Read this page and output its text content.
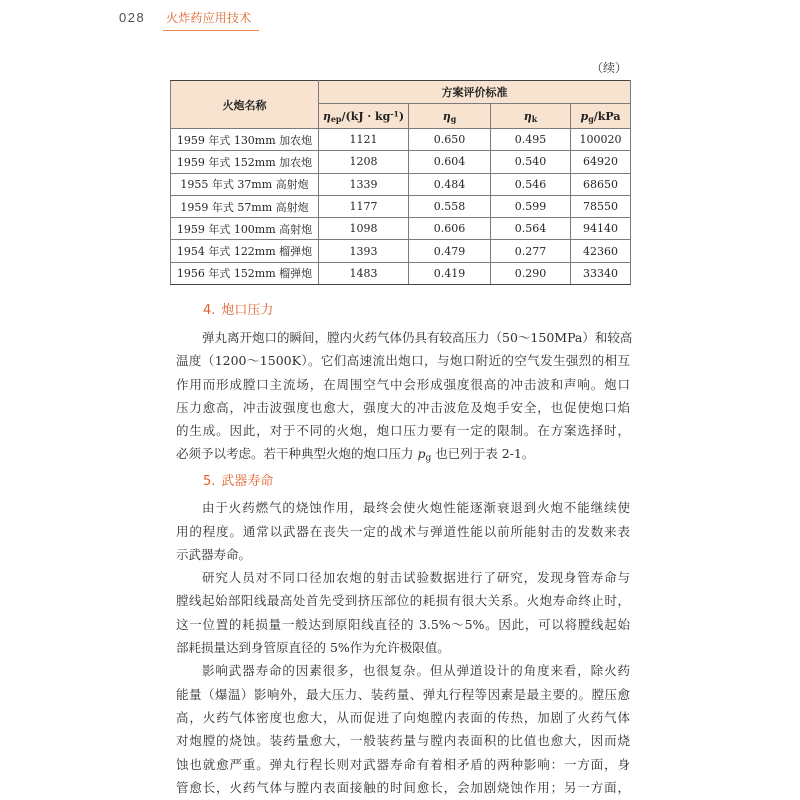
028 火炸药应用技术
（续）
火炮名称	方案评价标准			
	$\eta_{ep}/(kJ \cdot kg^{-1})$	$\eta_g$	$\eta_k$	$p_g$/kPa
1959 年式 130mm 加农炮	1121	0.650	0.495	100020
1959 年式 152mm 加农炮	1208	0.604	0.540	64920
1955 年式 37mm 高射炮	1339	0.484	0.546	68650
1959 年式 57mm 高射炮	1177	0.558	0.599	78550
1959 年式 100mm 高射炮	1098	0.606	0.564	94140
1954 年式 122mm 榴弹炮	1393	0.479	0.277	42360
1956 年式 152mm 榴弹炮	1483	0.419	0.290	33340
4. 炮口压力
弹丸离开炮口的瞬间，膛内火药气体仍具有较高压力（50～150MPa）和较高
温度（1200～1500K）。它们高速流出炮口，与炮口附近的空气发生强烈的相互
作用而形成膛口主流场，在周围空气中会形成强度很高的冲击波和声响。炮口
压力愈高，冲击波强度也愈大，强度大的冲击波危及炮手安全，也促使炮口焰
的生成。因此，对于不同的火炮，炮口压力要有一定的限制。在方案选择时，
必须予以考虑。若干种典型火炮的炮口压力 $p_g$ 也已列于表 2-1。
5. 武器寿命
由于火药燃气的烧蚀作用，最终会使火炮性能逐渐衰退到火炮不能继续使
用的程度。通常以武器在丧失一定的战术与弹道性能以前所能射击的发数来表
示武器寿命。
研究人员对不同口径加农炮的射击试验数据进行了研究，发现身管寿命与
膛线起始部阳线最高处首先受到挤压部位的耗损有很大关系。火炮寿命终止时，
这一位置的耗损量一般达到原阳线直径的 3.5%～5%。因此，可以将膛线起始
部耗损量达到身管原直径的 5%作为允许极限值。
影响武器寿命的因素很多，也很复杂。但从弹道设计的角度来看，除火药
能量（爆温）影响外，最大压力、装药量、弹丸行程等因素是最主要的。膛压愈
高，火药气体密度也愈大，从而促进了向炮膛内表面的传热，加剧了火药气体
对炮膛的烧蚀。装药量愈大，一般装药量与膛内表面积的比值也愈大，因而烧
蚀也就愈严重。弹丸行程长则对武器寿命有着相矛盾的两种影响：一方面，身
管愈长，火药气体与膛内表面接触的时间愈长，会加剧烧蚀作用；另一方面，
